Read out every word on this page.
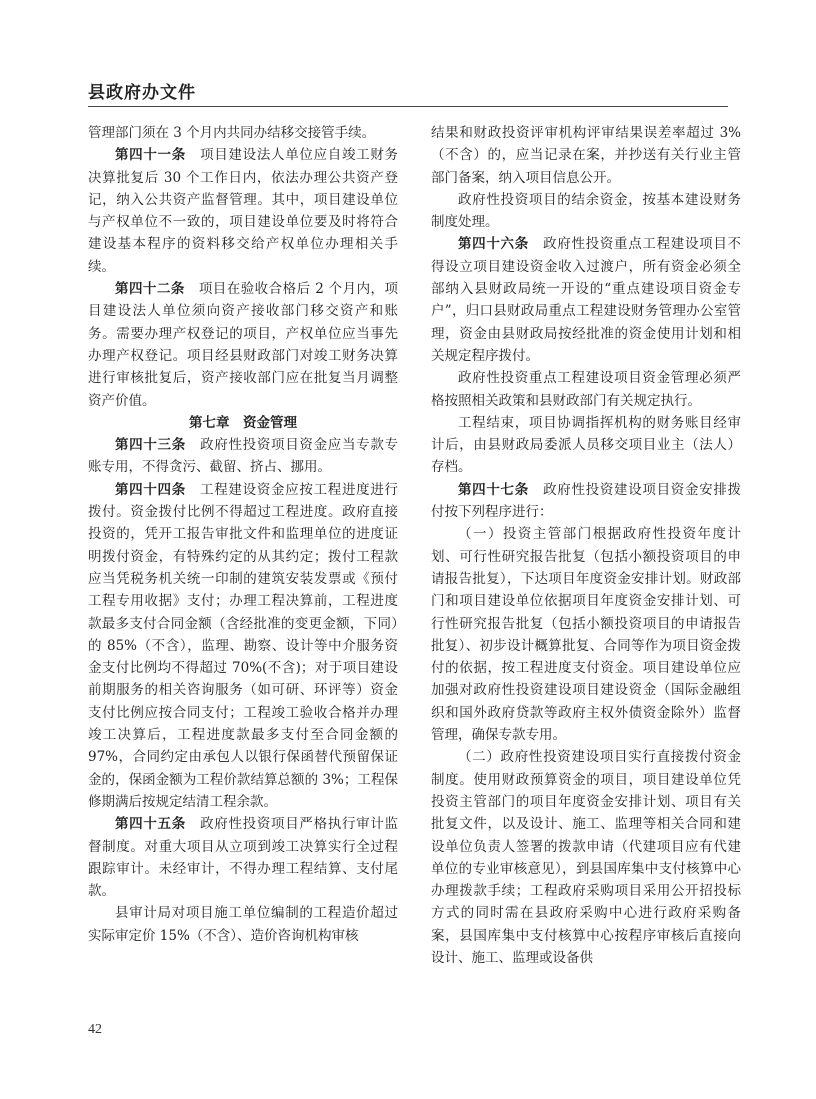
县政府办文件

管理部门须在 3 个月内共同办结移交接管手续。

第四十一条　 项目建设法人单位应自竣工财务决算批复后 30 个工作日内，依法办理公共资产登记，纳入公共资产监督管理。其中，项目建设单位与产权单位不一致的，项目建设单位要及时将符合建设基本程序的资料移交给产权单位办理相关手续。

第四十二条　 项目在验收合格后 2 个月内，项目建设法人单位须向资产接收部门移交资产和账务。需要办理产权登记的项目，产权单位应当事先办理产权登记。项目经县财政部门对竣工财务决算进行审核批复后，资产接收部门应在批复当月调整资产价值。

第七章　资金管理

第四十三条　 政府性投资项目资金应当专款专账专用，不得贪污、截留、挤占、挪用。

第四十四条　 工程建设资金应按工程进度进行拨付。资金拨付比例不得超过工程进度。政府直接投资的，凭开工报告审批文件和监理单位的进度证明拨付资金，有特殊约定的从其约定；拨付工程款应当凭税务机关统一印制的建筑安装发票或《预付工程专用收据》支付；办理工程决算前，工程进度款最多支付合同金额（含经批准的变更金额，下同）的 85%（不含），监理、勘察、设计等中介服务资金支付比例均不得超过 70%(不含)；对于项目建设前期服务的相关咨询服务（如可研、环评等）资金支付比例应按合同支付；工程竣工验收合格并办理竣工决算后，工程进度款最多支付至合同金额的 97%，合同约定由承包人以银行保函替代预留保证金的，保函金额为工程价款结算总额的 3%；工程保修期满后按规定结清工程余款。

第四十五条　 政府性投资项目严格执行审计监督制度。对重大项目从立项到竣工决算实行全过程跟踪审计。未经审计，不得办理工程结算、支付尾款。

县审计局对项目施工单位编制的工程造价超过实际审定价 15%（不含）、造价咨询机构审核

结果和财政投资评审机构评审结果误差率超过 3%（不含）的，应当记录在案，并抄送有关行业主管部门备案，纳入项目信息公开。

政府性投资项目的结余资金，按基本建设财务制度处理。

第四十六条　 政府性投资重点工程建设项目不得设立项目建设资金收入过渡户，所有资金必须全部纳入县财政局统一开设的“重点建设项目资金专户”，归口县财政局重点工程建设财务管理办公室管理，资金由县财政局按经批准的资金使用计划和相关规定程序拨付。

政府性投资重点工程建设项目资金管理必须严格按照相关政策和县财政部门有关规定执行。

工程结束，项目协调指挥机构的财务账目经审计后，由县财政局委派人员移交项目业主（法人）存档。

第四十七条　 政府性投资建设项目资金安排拨付按下列程序进行：

（一）投资主管部门根据政府性投资年度计划、可行性研究报告批复（包括小额投资项目的申请报告批复），下达项目年度资金安排计划。财政部门和项目建设单位依据项目年度资金安排计划、可行性研究报告批复（包括小额投资项目的申请报告批复）、初步设计概算批复、合同等作为项目资金拨付的依据，按工程进度支付资金。项目建设单位应加强对政府性投资建设项目建设资金（国际金融组织和国外政府贷款等政府主权外债资金除外）监督管理，确保专款专用。

（二）政府性投资建设项目实行直接拨付资金制度。使用财政预算资金的项目，项目建设单位凭投资主管部门的项目年度资金安排计划、项目有关批复文件，以及设计、施工、监理等相关合同和建设单位负责人签署的拨款申请（代建项目应有代建单位的专业审核意见），到县国库集中支付核算中心办理拨款手续；工程政府采购项目采用公开招投标方式的同时需在县政府采购中心进行政府采购备案，县国库集中支付核算中心按程序审核后直接向设计、施工、监理或设备供

42
